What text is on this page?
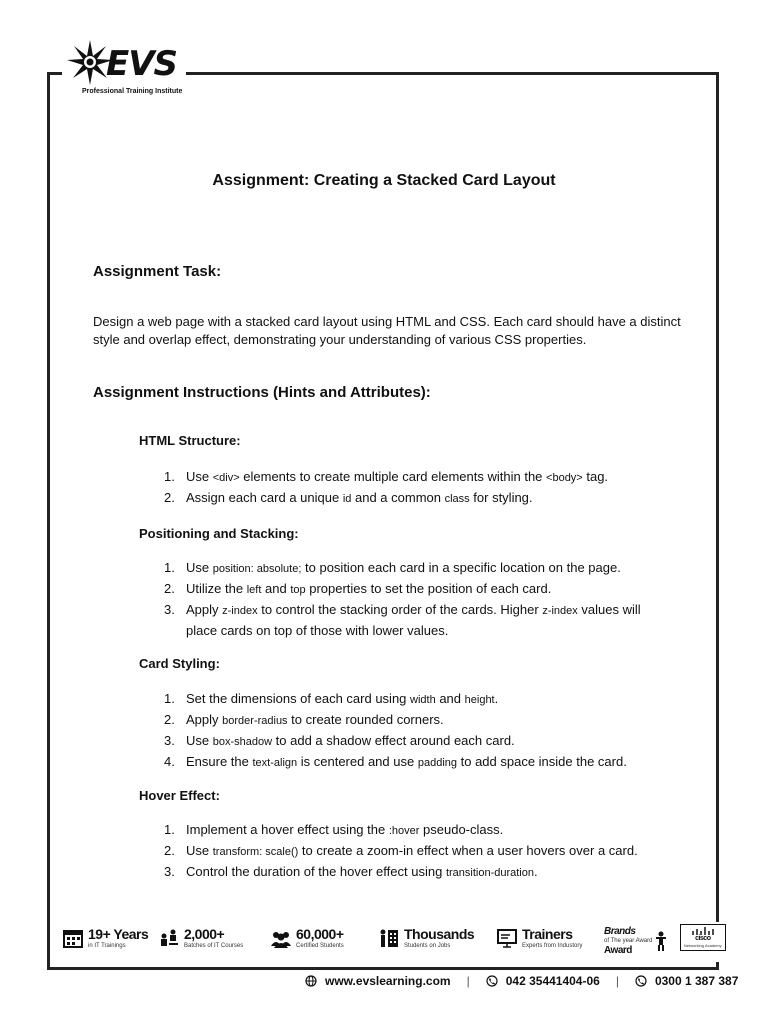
EVS
Professional Training Institute
Assignment: Creating a Stacked Card Layout
Assignment Task:

Design a web page with a stacked card layout using HTML and CSS. Each card should have a distinct style and overlap effect, demonstrating your understanding of various CSS properties.

Assignment Instructions (Hints and Attributes):
HTML Structure:
1. Use <div> elements to create multiple card elements within the <body> tag.
2. Assign each card a unique id and a common class for styling.
Positioning and Stacking:
1. Use position: absolute; to position each card in a specific location on the page.
2. Utilize the left and top properties to set the position of each card.
3. Apply z-index to control the stacking order of the cards. Higher z-index values will place cards on top of those with lower values.
Card Styling:
1. Set the dimensions of each card using width and height.
2. Apply border-radius to create rounded corners.
3. Use box-shadow to add a shadow effect around each card.
4. Ensure the text-align is centered and use padding to add space inside the card.
Hover Effect:
1. Implement a hover effect using the :hover pseudo-class.
2. Use transform: scale() to create a zoom-in effect when a user hovers over a card.
3. Control the duration of the hover effect using transition-duration.
19+ Years
in IT Trainings
2,000+
Batches of IT Courses
60,000+
Certified Students
Thousands
Students on Jobs
Trainers
Experts from Industory
Brands
of The year Award
Award
cisco
Networking Academy
www.evslearning.com |	042 35441404-06 |	0300 1 387 387
